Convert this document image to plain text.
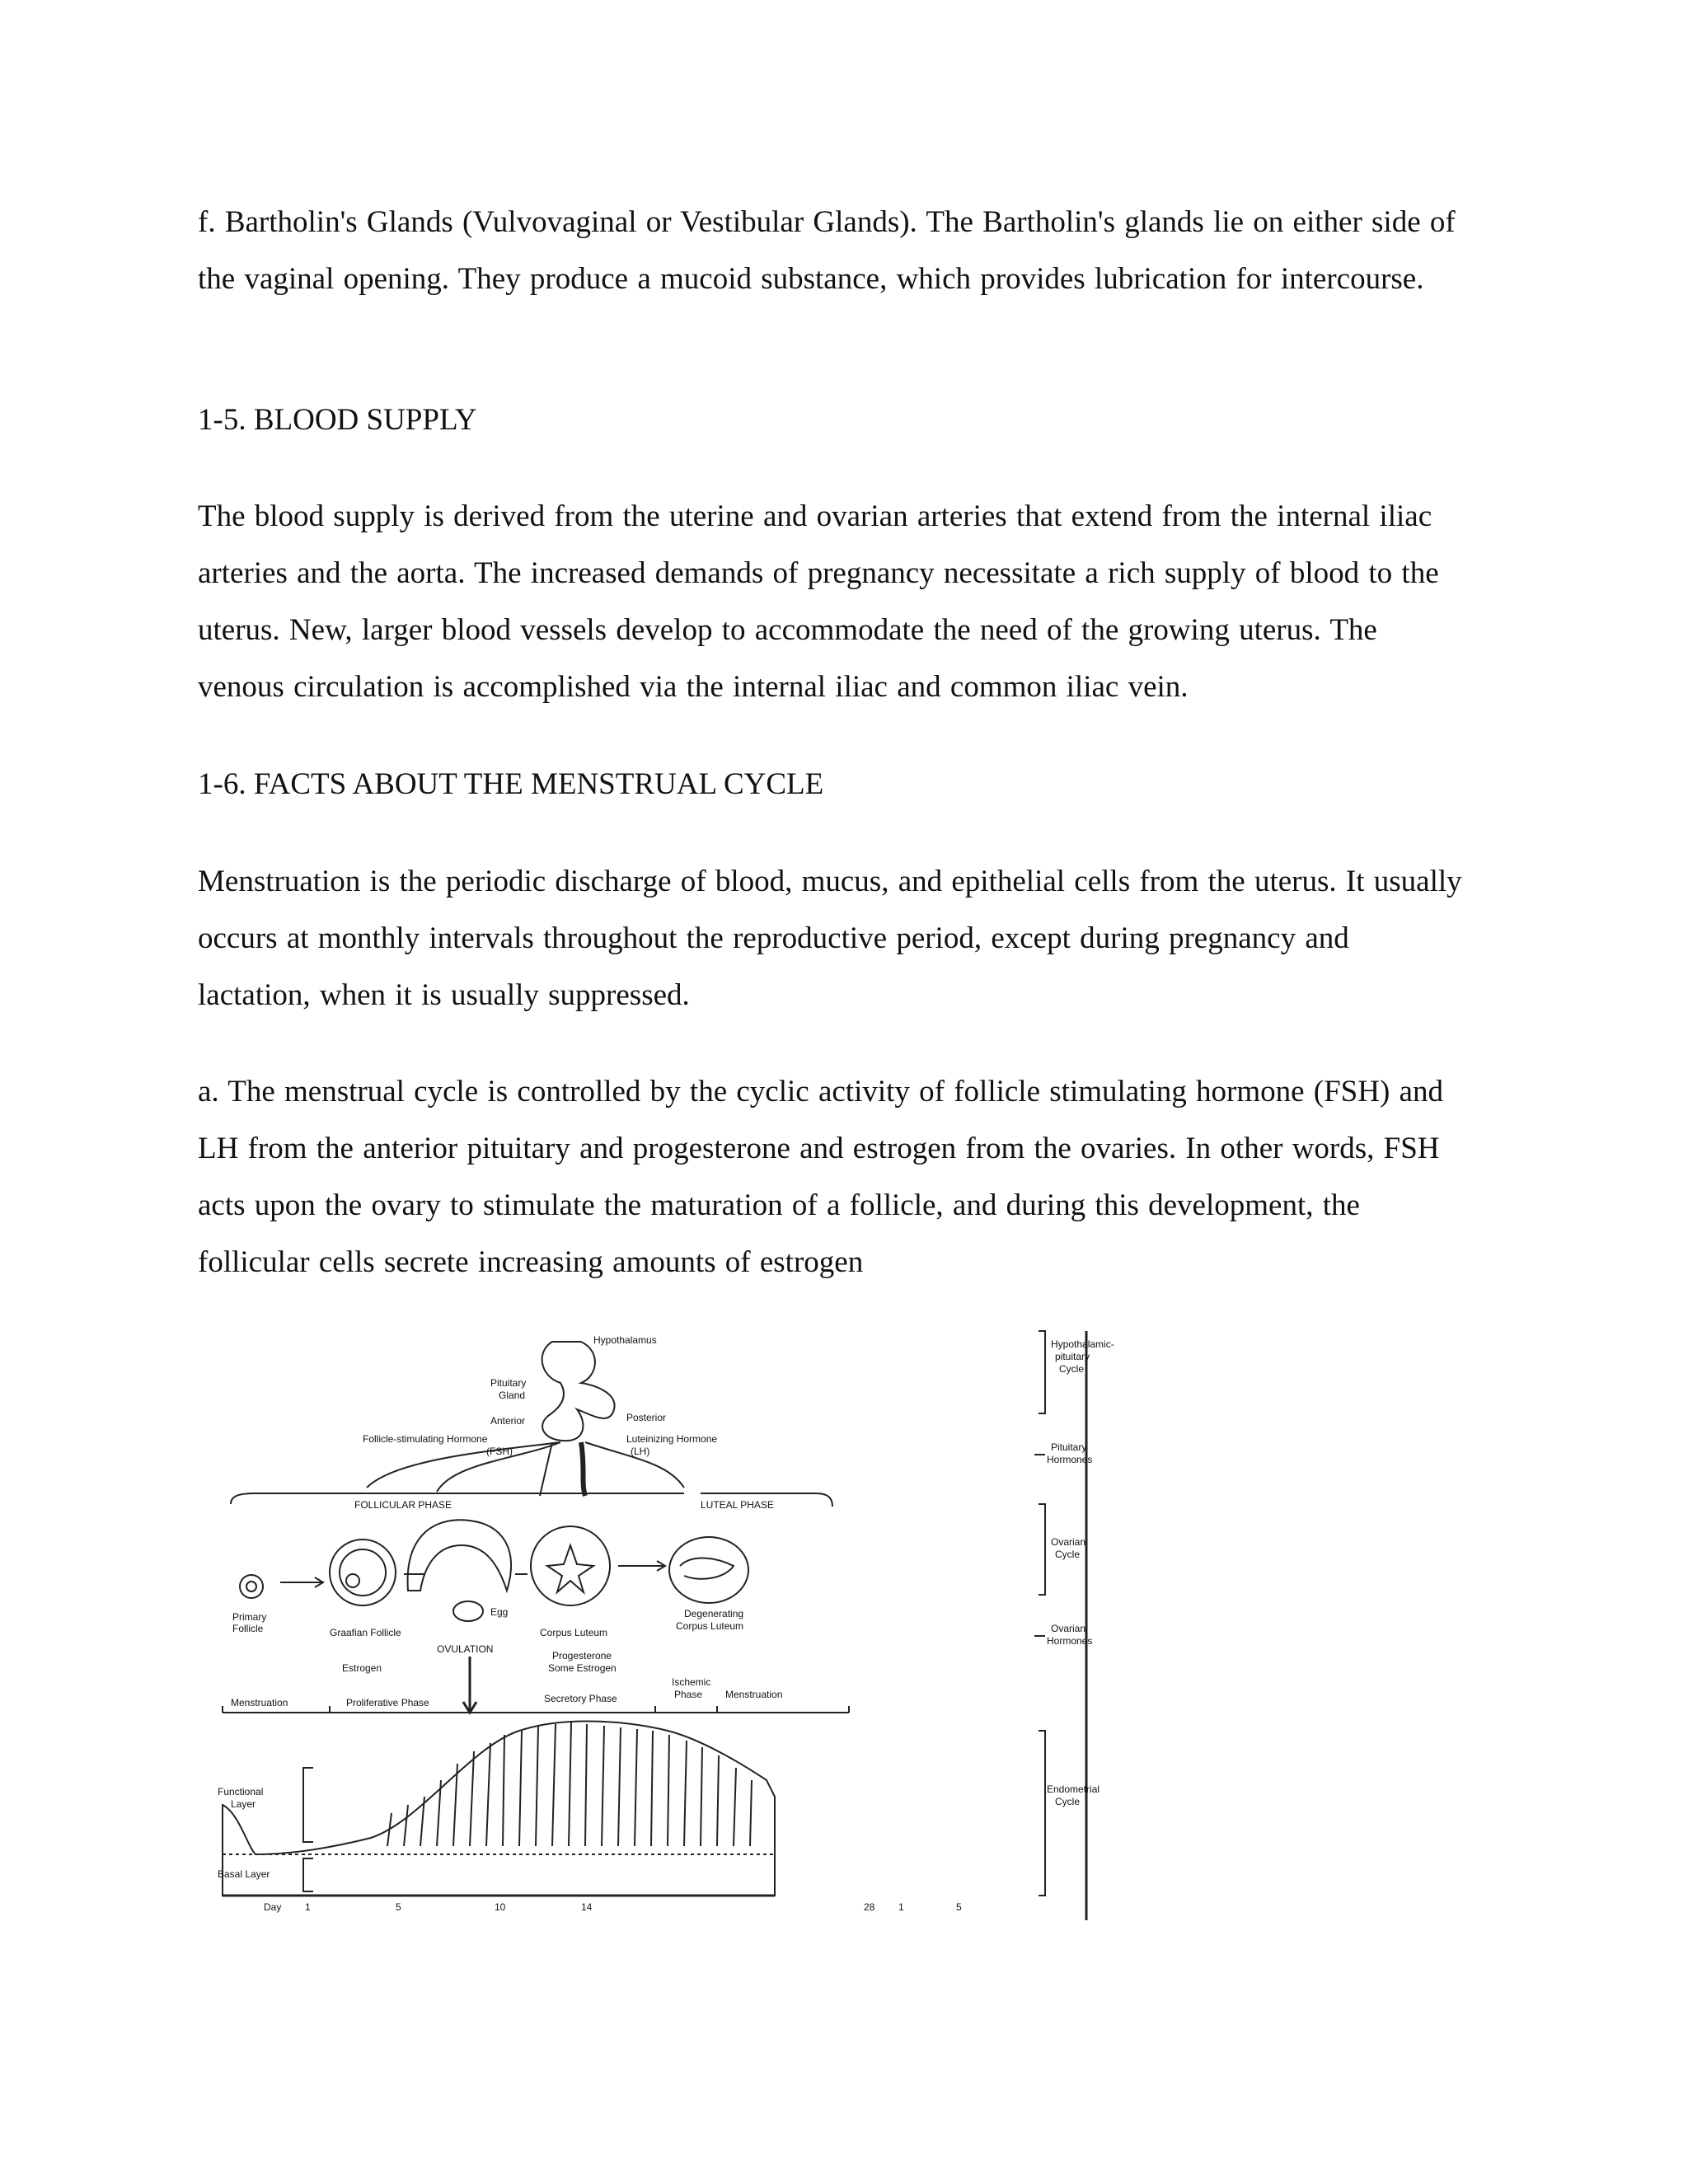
f. Bartholin's Glands (Vulvovaginal or Vestibular Glands). The Bartholin's glands lie on either side of the vaginal opening. They produce a mucoid substance, which provides lubrication for intercourse.

1-5. BLOOD SUPPLY

The blood supply is derived from the uterine and ovarian arteries that extend from the internal iliac arteries and the aorta. The increased demands of pregnancy necessitate a rich supply of blood to the uterus. New, larger blood vessels develop to accommodate the need of the growing uterus. The venous circulation is accomplished via the internal iliac and common iliac vein.

1-6. FACTS ABOUT THE MENSTRUAL CYCLE

Menstruation is the periodic discharge of blood, mucus, and epithelial cells from the uterus. It usually occurs at monthly intervals throughout the reproductive period, except during pregnancy and lactation, when it is usually suppressed.

a. The menstrual cycle is controlled by the cyclic activity of follicle stimulating hormone (FSH) and LH from the anterior pituitary and progesterone and estrogen from the ovaries. In other words, FSH acts upon the ovary to stimulate the maturation of a follicle, and during this development, the follicular cells secrete increasing amounts of estrogen

Hypothalamus
Pituitary
Gland
Anterior	Posterior
Follicle-stimulating Hormone
(FSH)
Luteinizing Hormone
(LH)
FOLLICULAR PHASE	LUTEAL PHASE
Primary
Follicle	Graafian Follicle
Egg
OVULATION
Corpus Luteum
Degenerating
Corpus Luteum
Estrogen
Progesterone
Some Estrogen
Ischemic
Phase
Menstruation	Proliferative Phase	Secretory Phase	Menstruation
Functional
Layer
Basal Layer
Day 1	5	10	14	28 1	5
Hypothalamic-
pituitary
Cycle
Pituitary
Hormones
Ovarian
Cycle
Ovarian
Hormones
Endometrial
Cycle
